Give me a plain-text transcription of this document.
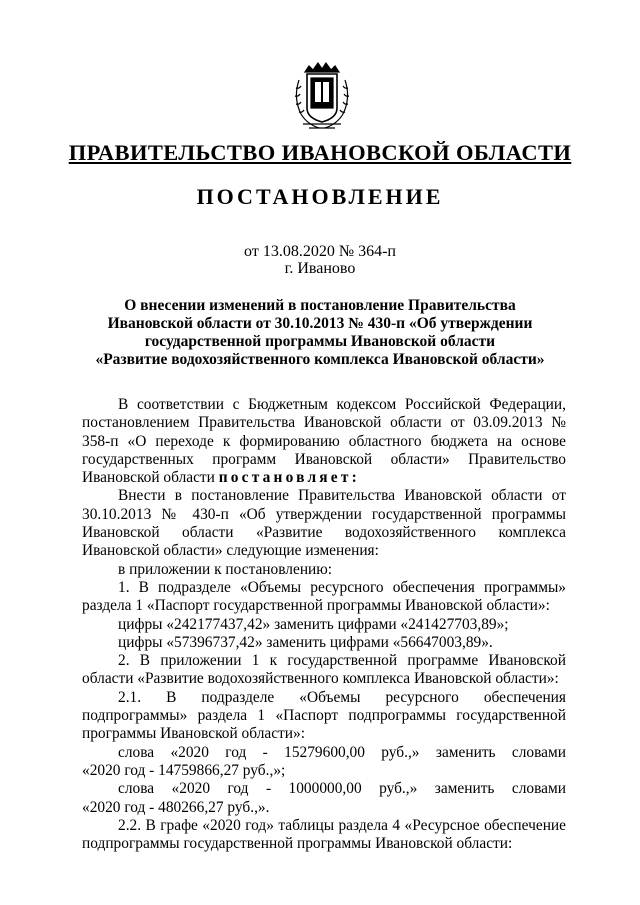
ПРАВИТЕЛЬСТВО ИВАНОВСКОЙ ОБЛАСТИ
ПОСТАНОВЛЕНИЕ
от 13.08.2020 № 364-п
г. Иваново
О внесении изменений в постановление Правительства
Ивановской области от 30.10.2013 № 430-п «Об утверждении
государственной программы Ивановской области
«Развитие водохозяйственного комплекса Ивановской области»

В соответствии с Бюджетным кодексом Российской Федерации, постановлением Правительства Ивановской области от 03.09.2013 № 358-п «О переходе к формированию областного бюджета на основе государственных программ Ивановской области» Правительство Ивановской области постановляет:

Внести в постановление Правительства Ивановской области от 30.10.2013 № 430-п «Об утверждении государственной программы Ивановской области «Развитие водохозяйственного комплекса Ивановской области» следующие изменения:

в приложении к постановлению:

1. В подразделе «Объемы ресурсного обеспечения программы» раздела 1 «Паспорт государственной программы Ивановской области»:

цифры «242177437,42» заменить цифрами «241427703,89»;

цифры «57396737,42» заменить цифрами «56647003,89».

2. В приложении 1 к государственной программе Ивановской области «Развитие водохозяйственного комплекса Ивановской области»:

2.1. В подразделе «Объемы ресурсного обеспечения подпрограммы» раздела 1 «Паспорт подпрограммы государственной программы Ивановской области»:

слова «2020 год - 15279600,00 руб.,» заменить словами

«2020 год - 14759866,27 руб.,»;

слова «2020 год - 1000000,00 руб.,» заменить словами

«2020 год - 480266,27 руб.,».

2.2. В графе «2020 год» таблицы раздела 4 «Ресурсное обеспечение подпрограммы государственной программы Ивановской области:
